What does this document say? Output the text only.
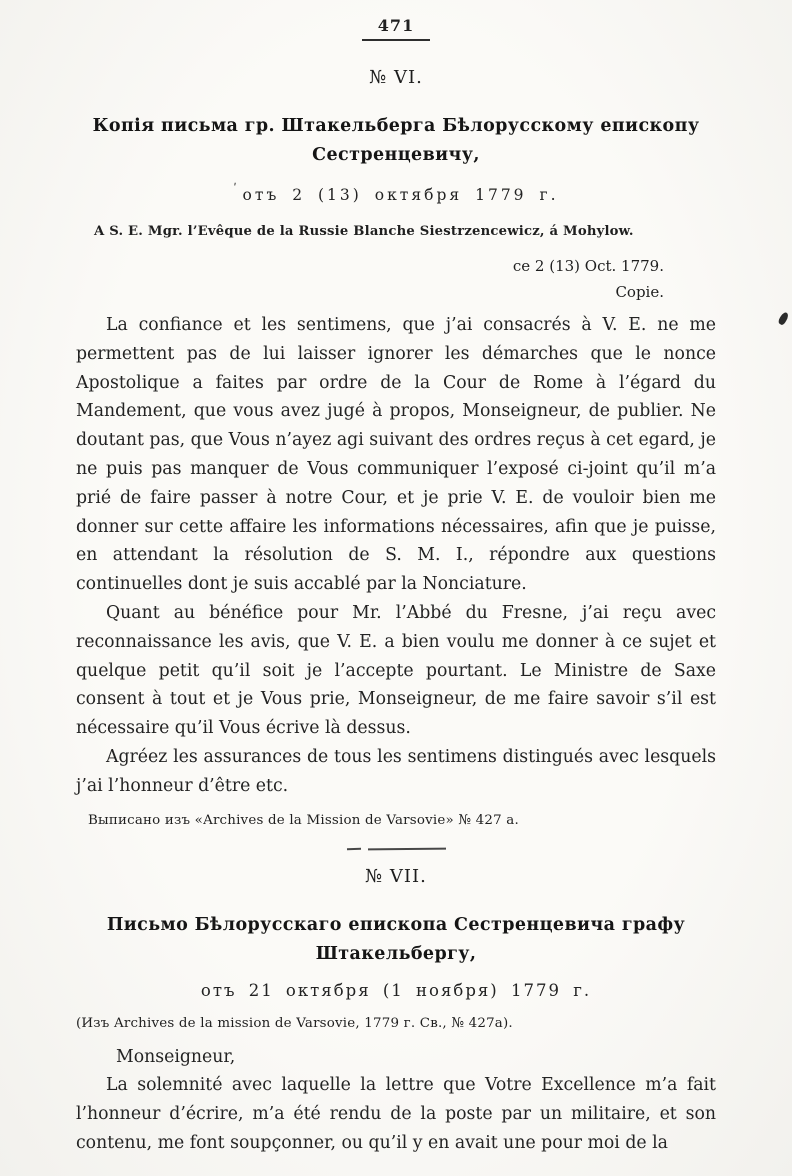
471
№ VI.
Копія письма гр. Штакельберга Бѣлорусскому епископу
Сестренцевичу,
$^ʹ$ отъ 2 (13) октября 1779 г.
A S. E. Mgr. l’Evêque de la Russie Blanche Siestrzencewicz, á Mohylow.
ce 2 (13) Oct. 1779.
Copie.

La confiance et les sentimens, que j’ai consacrés à V. E. ne me permettent pas de lui laisser ignorer les démarches que le nonce Apostolique a faites par ordre de la Cour de Rome à l’égard du Mandement, que vous avez jugé à propos, Monseigneur, de publier. Ne doutant pas, que Vous n’ayez agi suivant des ordres reçus à cet egard, je ne puis pas manquer de Vous communiquer l’exposé ci-joint qu’il m’a prié de faire passer à notre Cour, et je prie V. E. de vouloir bien me donner sur cette affaire les informations nécessaires, afin que je puisse, en attendant la résolution de S. M. I., répondre aux questions continuelles dont je suis accablé par la Nonciature.

Quant au bénéfice pour Mr. l’Abbé du Fresne, j’ai reçu avec reconnaissance les avis, que V. E. a bien voulu me donner à ce sujet et quelque petit qu’il soit je l’accepte pourtant. Le Ministre de Saxe consent à tout et je Vous prie, Monseigneur, de me faire savoir s’il est nécessaire qu’il Vous écrive là dessus.

Agréez les assurances de tous les sentimens distingués avec lesquels j’ai l’honneur d’être etc.

Выписано изъ «Archives de la Mission de Varsovie» № 427 a.
№ VII.
Письмо Бѣлорусскаго епископа Сестренцевича графу
Штакельбергу,
отъ 21 октября (1 ноября) 1779 г.
(Изъ Archives de la mission de Varsovie, 1779 г. Св., № 427а).
Monseigneur,

La solemnité avec laquelle la lettre que Votre Excellence m’a fait l’honneur d’écrire, m’a été rendu de la poste par un militaire, et son contenu, me font soupçonner, ou qu’il y en avait une pour moi de la
